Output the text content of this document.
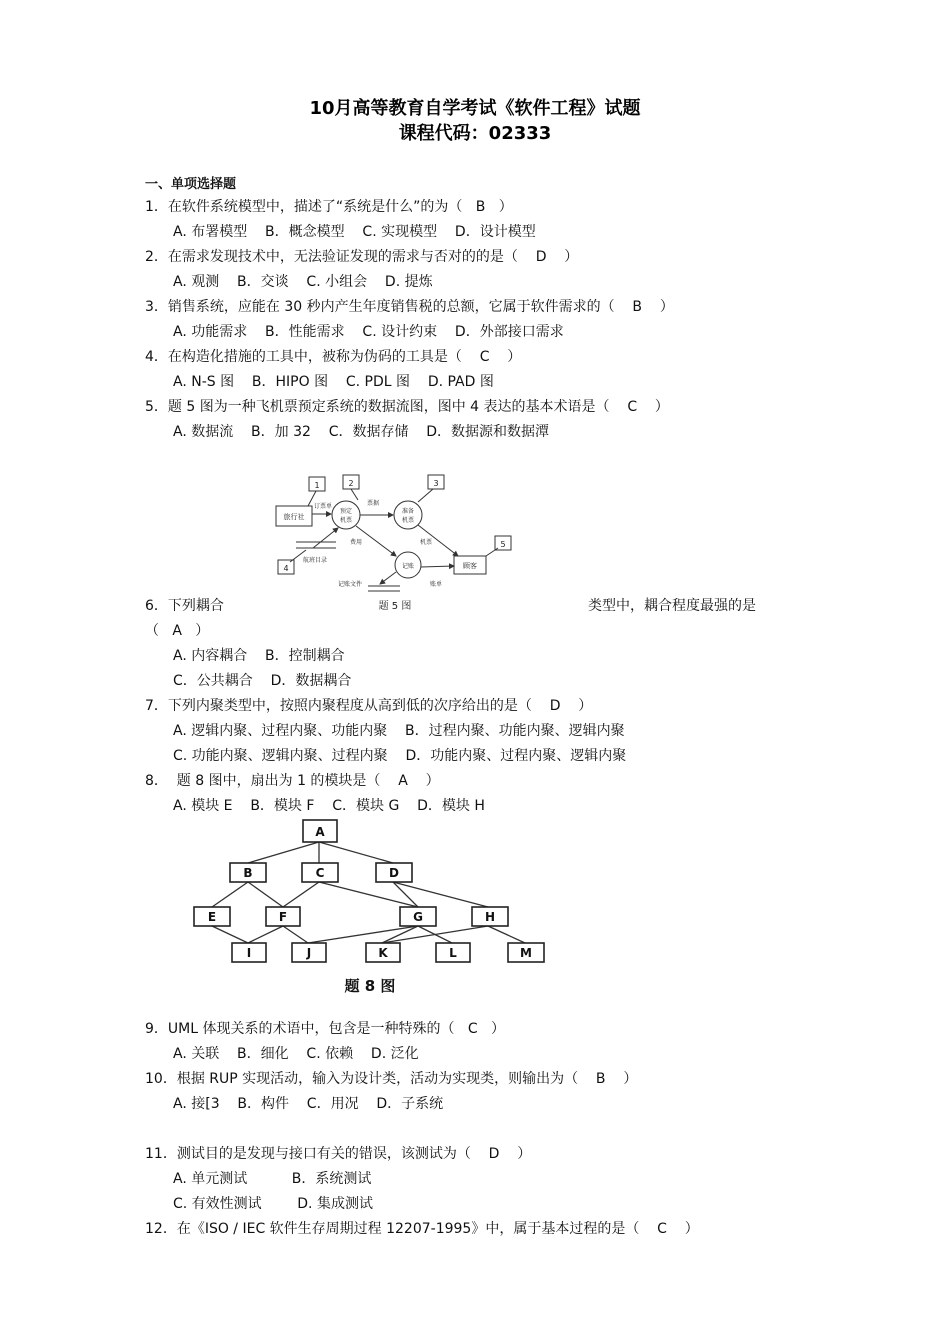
10月高等教育自学考试《软件工程》试题
课程代码：02333
一、单项选择题
1．在软件系统模型中，描述了“系统是什么”的为（   B   ）
A. 布署模型    B．概念模型    C. 实现模型    D．设计模型
2．在需求发现技术中，无法验证发现的需求与否对的的是（    D    ）
A. 观测    B．交谈    C. 小组会    D. 提炼
3．销售系统，应能在 30 秒内产生年度销售税的总额，它属于软件需求的（    B    ）
A. 功能需求    B．性能需求    C. 设计约束    D．外部接口需求
4．在构造化措施的工具中，被称为伪码的工具是（    C    ）
A. N-S 图    B．HIPO 图    C. PDL 图    D. PAD 图
5．题 5 图为一种飞机票预定系统的数据流图，图中 4 表达的基本术语是（    C    ）
A. 数据流    B．加 32    C．数据存储    D．数据源和数据潭
1	2	3
4
5
旅行社
顾客
预定
机票
准备
机票
记账
订票单	票据
费用	机票
航班目录
记账文件	账单
题 5 图
6．下列耦合	类型中，耦合程度最强的是
（   A   ）
A. 内容耦合    B．控制耦合
C．公共耦合    D．数据耦合
7．下列内聚类型中，按照内聚程度从高到低的次序给出的是（    D    ）
A. 逻辑内聚、过程内聚、功能内聚    B．过程内聚、功能内聚、逻辑内聚
C. 功能内聚、逻辑内聚、过程内聚    D．功能内聚、过程内聚、逻辑内聚
8．  题 8 图中，扇出为 1 的模块是（    A    ）
A. 模块 E    B．模块 F    C．模块 G    D．模块 H
A
B	C	D
E	F	G	H
I	J	K	L	M
题 8 图
9．UML 体现关系的术语中，包含是一种特殊的（   C   ）
A. 关联    B．细化    C. 依赖    D. 泛化
10．根据 RUP 实现活动，输入为设计类，活动为实现类，则输出为（    B    ）
A. 接[3    B．构件    C．用况    D．子系统
11．测试目的是发现与接口有关的错误，该测试为（    D    ）
A. 单元测试          B．系统测试
C. 有效性测试        D. 集成测试
12．在《ISO / IEC 软件生存周期过程 12207-1995》中，属于基本过程的是（    C    ）
